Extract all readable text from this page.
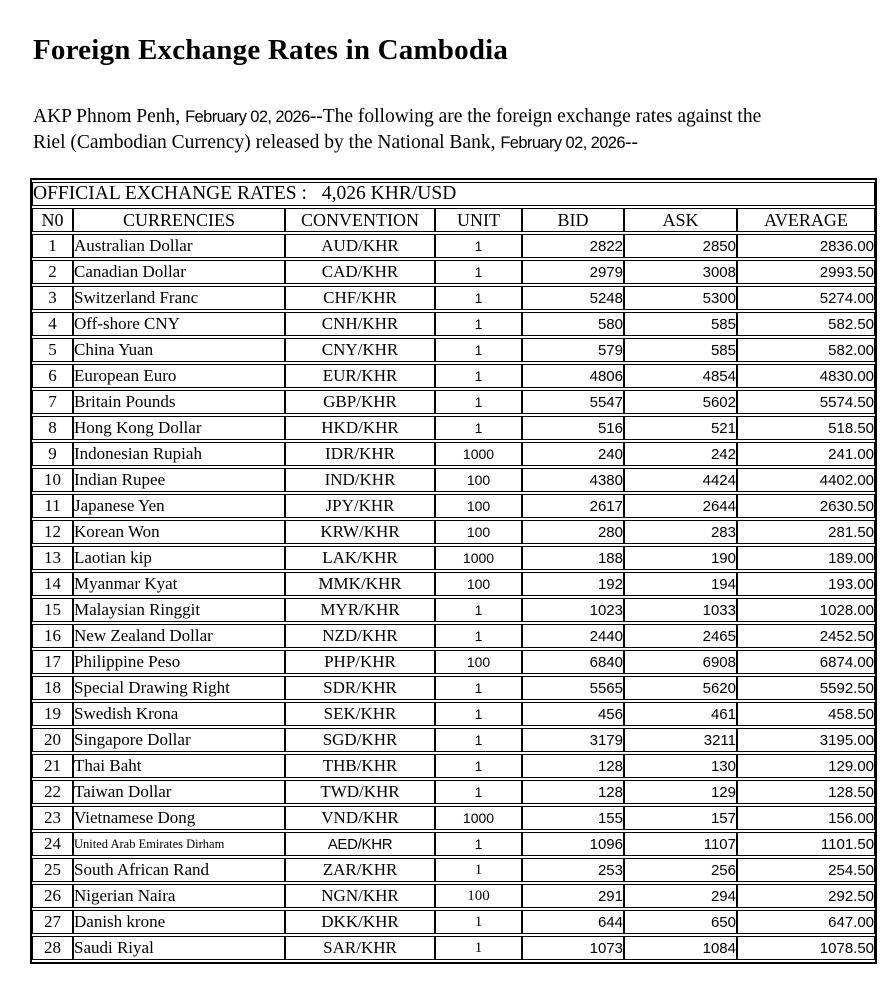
Foreign Exchange Rates in Cambodia
AKP Phnom Penh, February 02, 2026--The following are the foreign exchange rates against the
Riel (Cambodian Currency) released by the National Bank, February 02, 2026--
OFFICIAL EXCHANGE RATES : 4,026 KHR/USD						
N0	CURRENCIES	CONVENTION	UNIT	BID	ASK	AVERAGE
1	Australian Dollar	AUD/KHR	1	2822	2850	2836.00
2	Canadian Dollar	CAD/KHR	1	2979	3008	2993.50
3	Switzerland Franc	CHF/KHR	1	5248	5300	5274.00
4	Off-shore CNY	CNH/KHR	1	580	585	582.50
5	China Yuan	CNY/KHR	1	579	585	582.00
6	European Euro	EUR/KHR	1	4806	4854	4830.00
7	Britain Pounds	GBP/KHR	1	5547	5602	5574.50
8	Hong Kong Dollar	HKD/KHR	1	516	521	518.50
9	Indonesian Rupiah	IDR/KHR	1000	240	242	241.00
10	Indian Rupee	IND/KHR	100	4380	4424	4402.00
11	Japanese Yen	JPY/KHR	100	2617	2644	2630.50
12	Korean Won	KRW/KHR	100	280	283	281.50
13	Laotian kip	LAK/KHR	1000	188	190	189.00
14	Myanmar Kyat	MMK/KHR	100	192	194	193.00
15	Malaysian Ringgit	MYR/KHR	1	1023	1033	1028.00
16	New Zealand Dollar	NZD/KHR	1	2440	2465	2452.50
17	Philippine Peso	PHP/KHR	100	6840	6908	6874.00
18	Special Drawing Right	SDR/KHR	1	5565	5620	5592.50
19	Swedish Krona	SEK/KHR	1	456	461	458.50
20	Singapore Dollar	SGD/KHR	1	3179	3211	3195.00
21	Thai Baht	THB/KHR	1	128	130	129.00
22	Taiwan Dollar	TWD/KHR	1	128	129	128.50
23	Vietnamese Dong	VND/KHR	1000	155	157	156.00
24	United Arab Emirates Dirham	AED/KHR	1	1096	1107	1101.50
25	South African Rand	ZAR/KHR	1	253	256	254.50
26	Nigerian Naira	NGN/KHR	100	291	294	292.50
27	Danish krone	DKK/KHR	1	644	650	647.00
28	Saudi Riyal	SAR/KHR	1	1073	1084	1078.50
